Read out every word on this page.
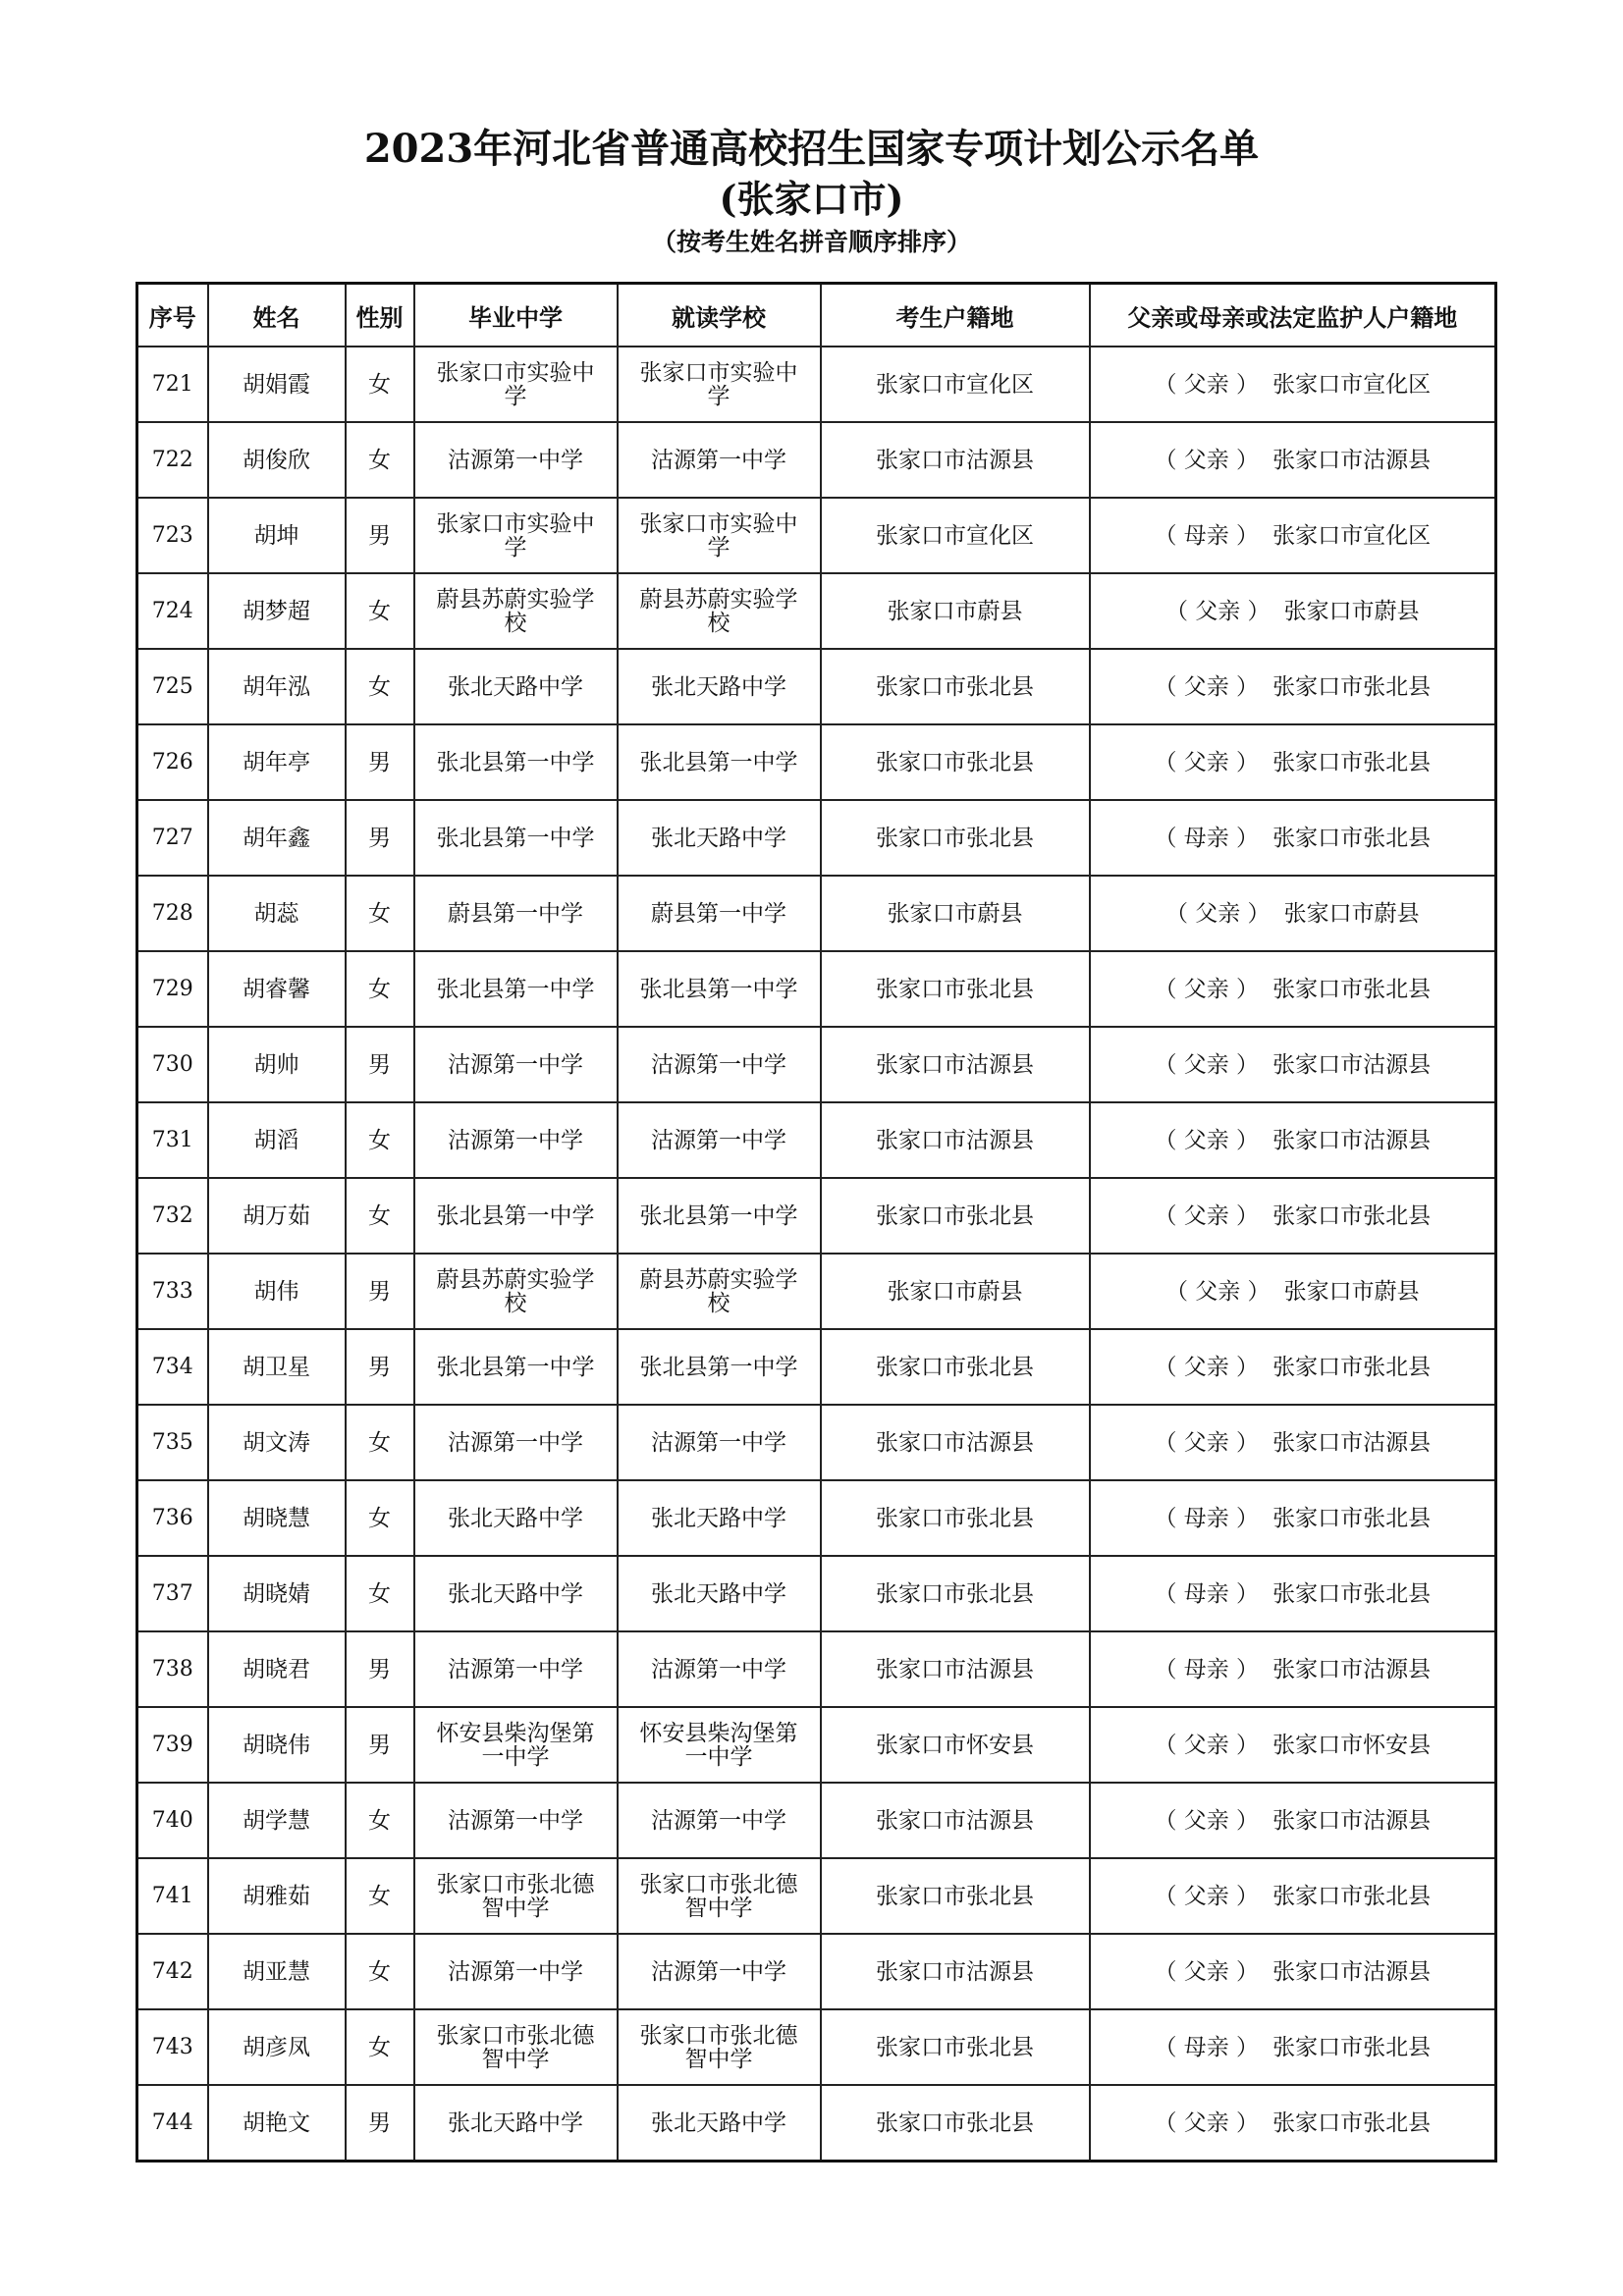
2023年河北省普通高校招生国家专项计划公示名单
(张家口市)
（按考生姓名拼音顺序排序）
序号	姓名	性别	毕业中学	就读学校	考生户籍地	父亲或母亲或法定监护人户籍地
721	胡娟霞	女	张家口市实验中学	张家口市实验中学	张家口市宣化区	（ 父亲 ） 张家口市宣化区
722	胡俊欣	女	沽源第一中学	沽源第一中学	张家口市沽源县	（ 父亲 ） 张家口市沽源县
723	胡坤	男	张家口市实验中学	张家口市实验中学	张家口市宣化区	（ 母亲 ） 张家口市宣化区
724	胡梦超	女	蔚县苏蔚实验学校	蔚县苏蔚实验学校	张家口市蔚县	（ 父亲 ） 张家口市蔚县
725	胡年泓	女	张北天路中学	张北天路中学	张家口市张北县	（ 父亲 ） 张家口市张北县
726	胡年亭	男	张北县第一中学	张北县第一中学	张家口市张北县	（ 父亲 ） 张家口市张北县
727	胡年鑫	男	张北县第一中学	张北天路中学	张家口市张北县	（ 母亲 ） 张家口市张北县
728	胡蕊	女	蔚县第一中学	蔚县第一中学	张家口市蔚县	（ 父亲 ） 张家口市蔚县
729	胡睿馨	女	张北县第一中学	张北县第一中学	张家口市张北县	（ 父亲 ） 张家口市张北县
730	胡帅	男	沽源第一中学	沽源第一中学	张家口市沽源县	（ 父亲 ） 张家口市沽源县
731	胡滔	女	沽源第一中学	沽源第一中学	张家口市沽源县	（ 父亲 ） 张家口市沽源县
732	胡万茹	女	张北县第一中学	张北县第一中学	张家口市张北县	（ 父亲 ） 张家口市张北县
733	胡伟	男	蔚县苏蔚实验学校	蔚县苏蔚实验学校	张家口市蔚县	（ 父亲 ） 张家口市蔚县
734	胡卫星	男	张北县第一中学	张北县第一中学	张家口市张北县	（ 父亲 ） 张家口市张北县
735	胡文涛	女	沽源第一中学	沽源第一中学	张家口市沽源县	（ 父亲 ） 张家口市沽源县
736	胡晓慧	女	张北天路中学	张北天路中学	张家口市张北县	（ 母亲 ） 张家口市张北县
737	胡晓婧	女	张北天路中学	张北天路中学	张家口市张北县	（ 母亲 ） 张家口市张北县
738	胡晓君	男	沽源第一中学	沽源第一中学	张家口市沽源县	（ 母亲 ） 张家口市沽源县
739	胡晓伟	男	怀安县柴沟堡第一中学	怀安县柴沟堡第一中学	张家口市怀安县	（ 父亲 ） 张家口市怀安县
740	胡学慧	女	沽源第一中学	沽源第一中学	张家口市沽源县	（ 父亲 ） 张家口市沽源县
741	胡雅茹	女	张家口市张北德智中学	张家口市张北德智中学	张家口市张北县	（ 父亲 ） 张家口市张北县
742	胡亚慧	女	沽源第一中学	沽源第一中学	张家口市沽源县	（ 父亲 ） 张家口市沽源县
743	胡彦凤	女	张家口市张北德智中学	张家口市张北德智中学	张家口市张北县	（ 母亲 ） 张家口市张北县
744	胡艳文	男	张北天路中学	张北天路中学	张家口市张北县	（ 父亲 ） 张家口市张北县
